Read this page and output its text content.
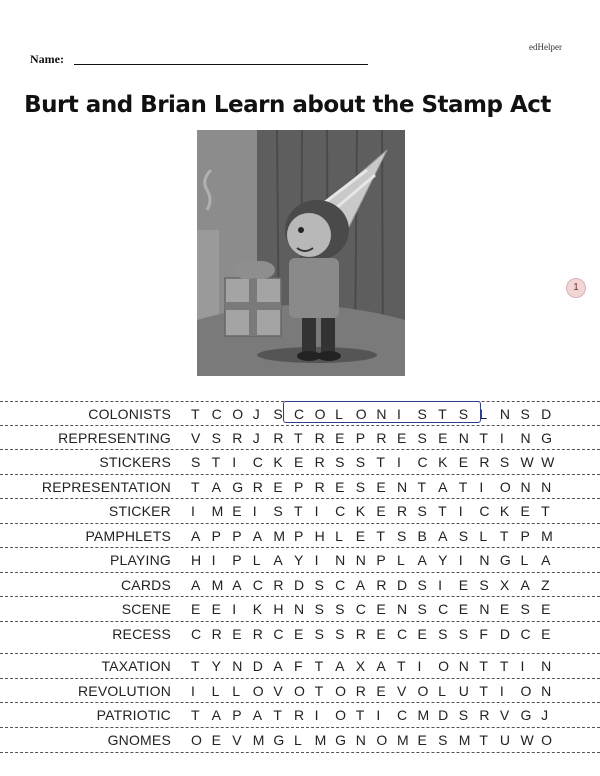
edHelper
Name:
Burt and Brian Learn about the Stamp Act
1
COLONISTS T C O J S C O L O N I S T S L N S D
REPRESENTING V S R J R T R E P R E S E N T I N G
STICKERS S T I C K E R S S T I C K E R S W W
REPRESENTATION T A G R E P R E S E N T A T I O N N
STICKER I M E I S T I C K E R S T I C K E T
PAMPHLETS A P P A M P H L E T S B A S L T P M
PLAYING H I P L A Y I N N P L A Y I N G L A
CARDS A M A C R D S C A R D S I E S X A Z
SCENE E E I K H N S S C E N S C E N E S E
RECESS C R E R C E S S R E C E S S F D C E
TAXATION T Y N D A F T A X A T I O N T T I N
REVOLUTION I L L O V O T O R E V O L U T I O N
PATRIOTIC T A P A T R I O T I C M D S R V G J
GNOMES O E V M G L M G N O M E S M T U W O
